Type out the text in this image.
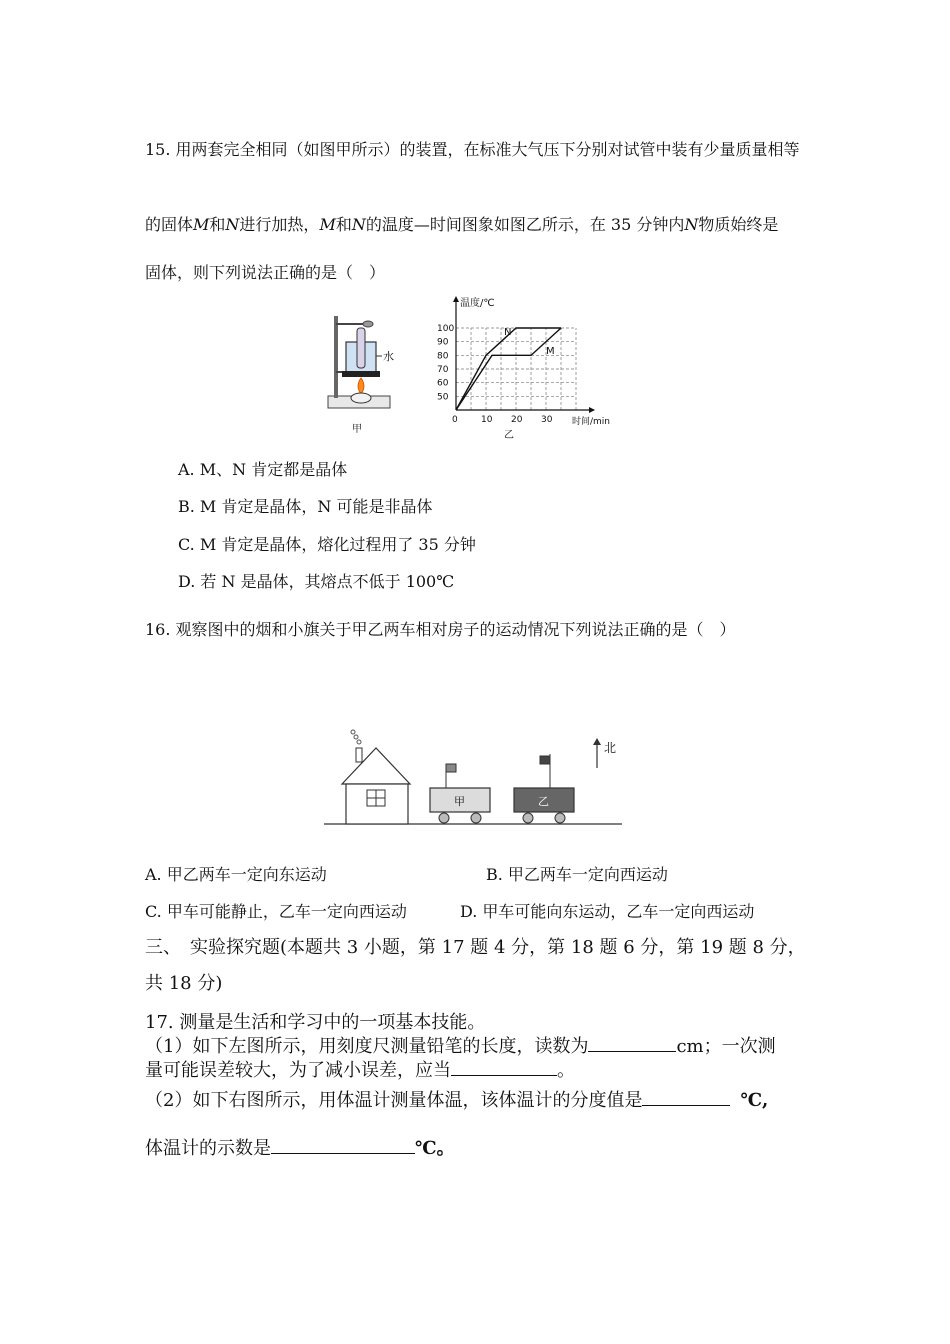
15. 用两套完全相同（如图甲所示）的装置，在标准大气压下分别对试管中装有少量质量相等
的固体M和N进行加热，M和N的温度—时间图象如图乙所示，在 35 分钟内N物质始终是
固体，则下列说法正确的是（　）
水
甲
温度/℃
时间/min
乙
100
90
80
70
60
50
0	10 20 30
N
M
A. M、N 肯定都是晶体
B. M 肯定是晶体，N 可能是非晶体
C. M 肯定是晶体，熔化过程用了 35 分钟
D. 若 N 是晶体，其熔点不低于 100℃
16. 观察图中的烟和小旗关于甲乙两车相对房子的运动情况下列说法正确的是（　）
甲	乙
北
A. 甲乙两车一定向东运动	B. 甲乙两车一定向西运动
C. 甲车可能静止，乙车一定向西运动	D. 甲车可能向东运动，乙车一定向西运动
三、　实验探究题(本题共 3 小题，第 17 题 4 分，第 18 题 6 分，第 19 题 8 分，
共 18 分)
17. 测量是生活和学习中的一项基本技能。
（1）如下左图所示，用刻度尺测量铅笔的长度，读数为	cm；一次测
量可能误差较大，为了减小误差，应当	。
（2）如下右图所示，用体温计测量体温，该体温计的分度值是	℃,
体温计的示数是	℃。
